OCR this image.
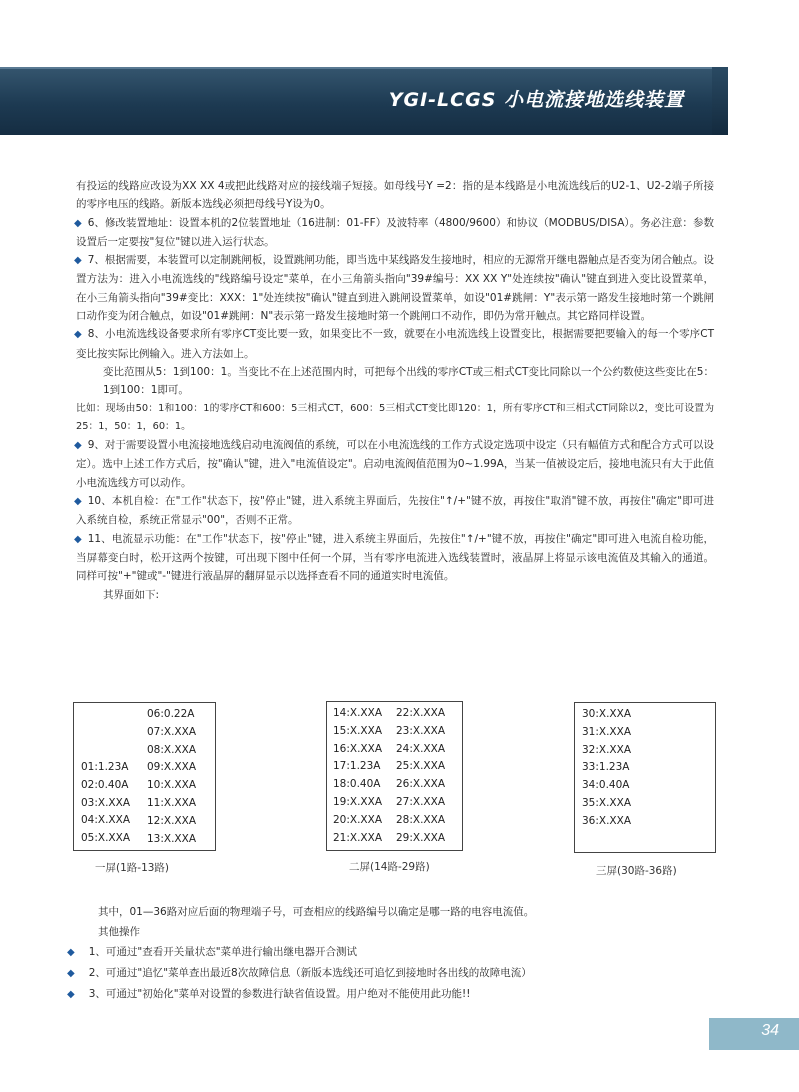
YGI-LCGS 小电流接地选线装置

有投运的线路应改设为XX XX 4或把此线路对应的接线端子短接。如母线号Y =2：指的是本线路是小电流选线后的U2-1、U2-2端子所接的零序电压的线路。新版本选线必须把母线号Y设为0。

◆ 6、修改装置地址：设置本机的2位装置地址（16进制：01-FF）及波特率（4800/9600）和协议（MODBUS/DISA）。务必注意：参数设置后一定要按"复位"键以进入运行状态。

◆ 7、根据需要，本装置可以定制跳闸板，设置跳闸功能，即当选中某线路发生接地时，相应的无源常开继电器触点是否变为闭合触点。设置方法为：进入小电流选线的"线路编号设定"菜单，在小三角箭头指向"39#编号：XX XX Y"处连续按"确认"键直到进入变比设置菜单，在小三角箭头指向"39#变比：XXX：1"处连续按"确认"键直到进入跳闸设置菜单，如设"01#跳闸：Y"表示第一路发生接地时第一个跳闸口动作变为闭合触点，如设"01#跳闸：N"表示第一路发生接地时第一个跳闸口不动作，即仍为常开触点。其它路同样设置。

◆ 8、小电流选线设备要求所有零序CT变比要一致，如果变比不一致，就要在小电流选线上设置变比，根据需要把要输入的每一个零序CT变比按实际比例输入。进入方法如上。

变比范围从5：1到100：1。当变比不在上述范围内时，可把每个出线的零序CT或三相式CT变比同除以一个公约数使这些变比在5：1到100：1即可。

比如：现场由50：1和100：1的零序CT和600：5三相式CT，600：5三相式CT变比即120：1，所有零序CT和三相式CT同除以2，变比可设置为25：1，50：1，60：1。

◆ 9、对于需要设置小电流接地选线启动电流阀值的系统，可以在小电流选线的工作方式设定选项中设定（只有幅值方式和配合方式可以设定）。选中上述工作方式后，按"确认"键，进入"电流值设定"。启动电流阀值范围为0~1.99A，当某一值被设定后，接地电流只有大于此值小电流选线方可以动作。

◆ 10、本机自检：在"工作"状态下，按"停止"键，进入系统主界面后，先按住"↑/+"键不放，再按住"取消"键不放，再按住"确定"即可进入系统自检，系统正常显示"00"，否则不正常。

◆ 11、电流显示功能：在"工作"状态下，按"停止"键，进入系统主界面后，先按住"↑/+"键不放，再按住"确定"即可进入电流自检功能，当屏幕变白时，松开这两个按键，可出现下图中任何一个屏，当有零序电流进入选线装置时，液晶屏上将显示该电流值及其输入的通道。同样可按"+"键或"-"键进行液晶屏的翻屏显示以选择查看不同的通道实时电流值。

其界面如下:

06:0.22A
07:X.XXA
08:X.XXA
09:X.XXA
10:X.XXA
11:X.XXA
12:X.XXA
13:X.XXA
01:1.23A
02:0.40A
03:X.XXA
04:X.XXA
05:X.XXA
一屏(1路-13路)
14:X.XXA
15:X.XXA
16:X.XXA
17:1.23A
18:0.40A
19:X.XXA
20:X.XXA
21:X.XXA
22:X.XXA
23:X.XXA
24:X.XXA
25:X.XXA
26:X.XXA
27:X.XXA
28:X.XXA
29:X.XXA
二屏(14路-29路)
30:X.XXA
31:X.XXA
32:X.XXA
33:1.23A
34:0.40A
35:X.XXA
36:X.XXA
三屏(30路-36路)
其中，01—36路对应后面的物理端子号，可查相应的线路编号以确定是哪一路的电容电流值。
其他操作
◆ 1、可通过"查看开关量状态"菜单进行输出继电器开合测试
◆ 2、可通过"追忆"菜单查出最近8次故障信息（新版本选线还可追忆到接地时各出线的故障电流）
◆ 3、可通过"初始化"菜单对设置的参数进行缺省值设置。用户绝对不能使用此功能!!
34
